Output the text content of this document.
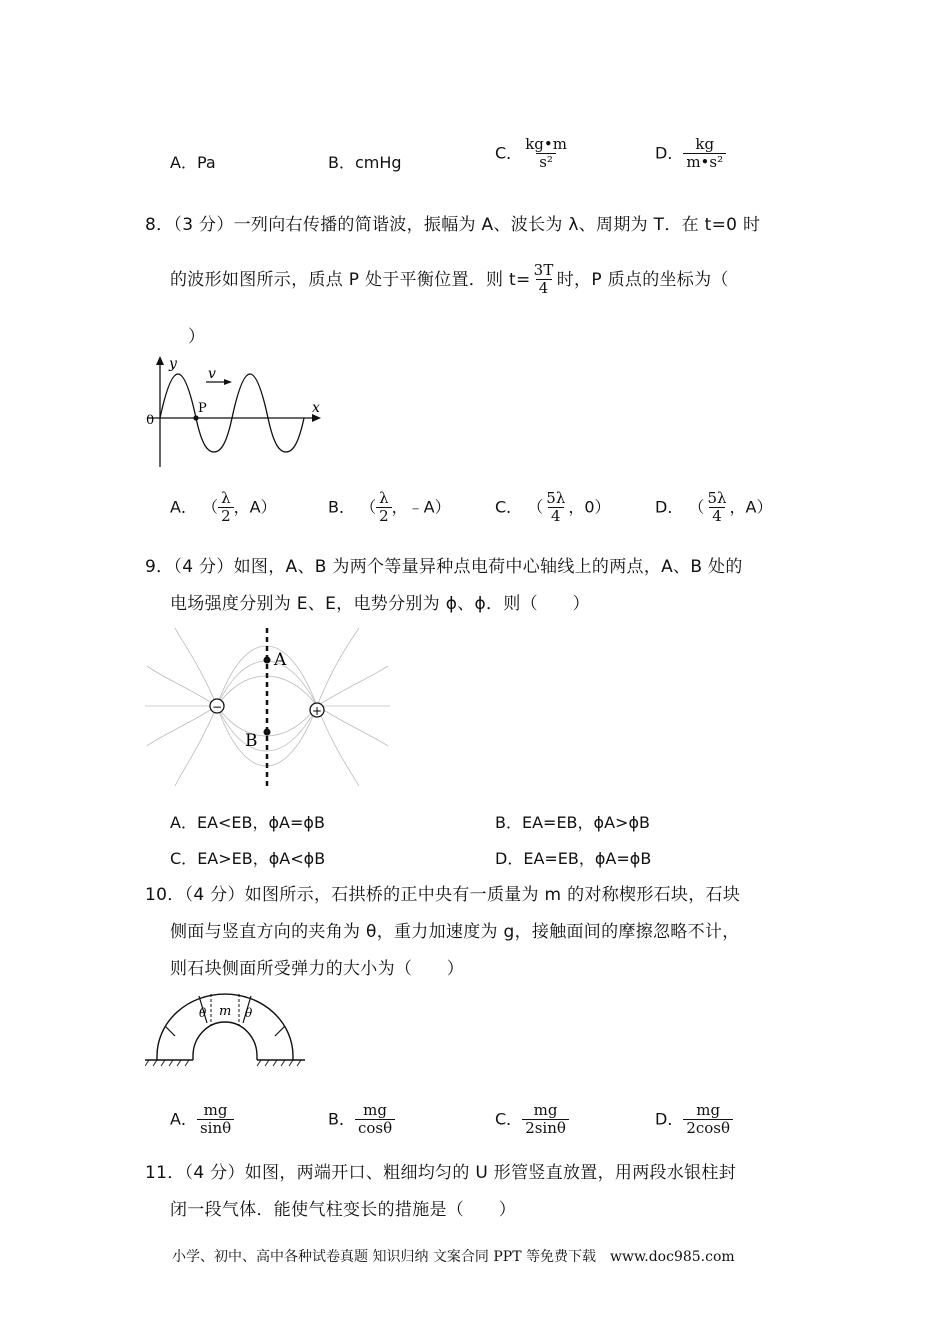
A．Pa	B．cmHg
C． $\frac{kg•m}{\text{s²}}$	D． $\frac{kg}{\text{m•s²}}$
8．（3 分）一列向右传播的简谐波，振幅为 A、波长为 λ、周期为 T．在 t=0 时
的波形如图所示，质点 P 处于平衡位置．则 $t= \frac{3T}{4}$ 时，P 质点的坐标为（
）
y
x
v
0
P
A． （ $\frac{\lambda}{2}$ ，A）	B． （ $\frac{\lambda}{2}$ ，﹣A）	C． （ $\frac{5\lambda}{4}$ ，0）	D． （ $\frac{5\lambda}{4}$ ，A）
9．（4 分）如图，A、B 为两个等量异种点电荷中心轴线上的两点，A、B 处的
电场强度分别为 E、E，电势分别为 ϕ、ϕ．则（　　）
A
B
−	+
A．EA<EB，ϕA=ϕB	B．EA=EB，ϕA>ϕB
C．EA>EB，ϕA<ϕB	D．EA=EB，ϕA=ϕB
10．（4 分）如图所示，石拱桥的正中央有一质量为 m 的对称楔形石块，石块
侧面与竖直方向的夹角为 θ，重力加速度为 g，接触面间的摩擦忽略不计，
则石块侧面所受弹力的大小为（　　）
m
θ	θ
A． $\frac{mg}{\sin\theta}$	B． $\frac{mg}{\cos\theta}$	C． $\frac{mg}{2\sin\theta}$	D． $\frac{mg}{2\cos\theta}$
11．（4 分）如图，两端开口、粗细均匀的 U 形管竖直放置，用两段水银柱封
闭一段气体．能使气柱变长的措施是（　　）
小学、初中、高中各种试卷真题 知识归纳 文案合同 PPT 等免费下载　www.doc985.com
